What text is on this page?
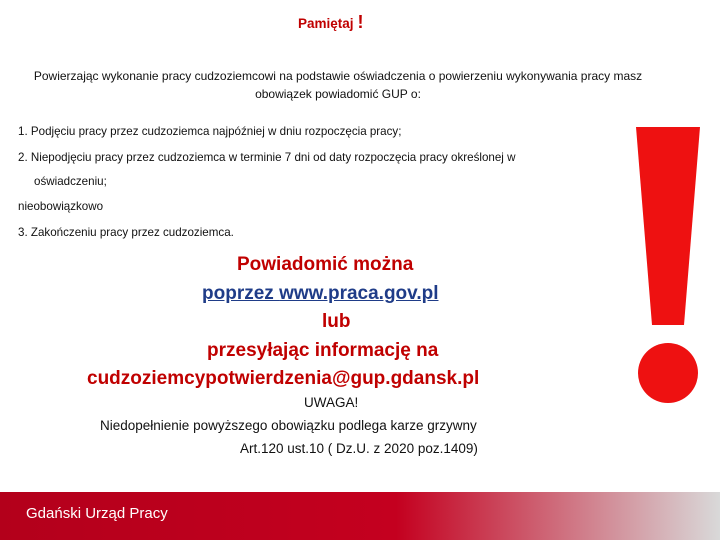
Pamiętaj !
Powierzając wykonanie pracy cudzoziemcowi na podstawie oświadczenia o powierzeniu wykonywania pracy masz obowiązek powiadomić GUP o:
1. Podjęciu pracy przez cudzoziemca najpóźniej w dniu rozpoczęcia pracy;
2. Niepodjęciu pracy przez cudzoziemca w terminie 7 dni od daty rozpoczęcia pracy określonej w
oświadczeniu;
nieobowiązkowo
3. Zakończeniu pracy przez cudzoziemca.
Powiadomić można
poprzez www.praca.gov.pl
lub
przesyłając informację na
cudzoziemcypotwierdzenia@gup.gdansk.pl
UWAGA!
Niedopełnienie powyższego obowiązku podlega karze grzywny
Art.120 ust.10 ( Dz.U. z 2020 poz.1409)
Gdański Urząd Pracy
